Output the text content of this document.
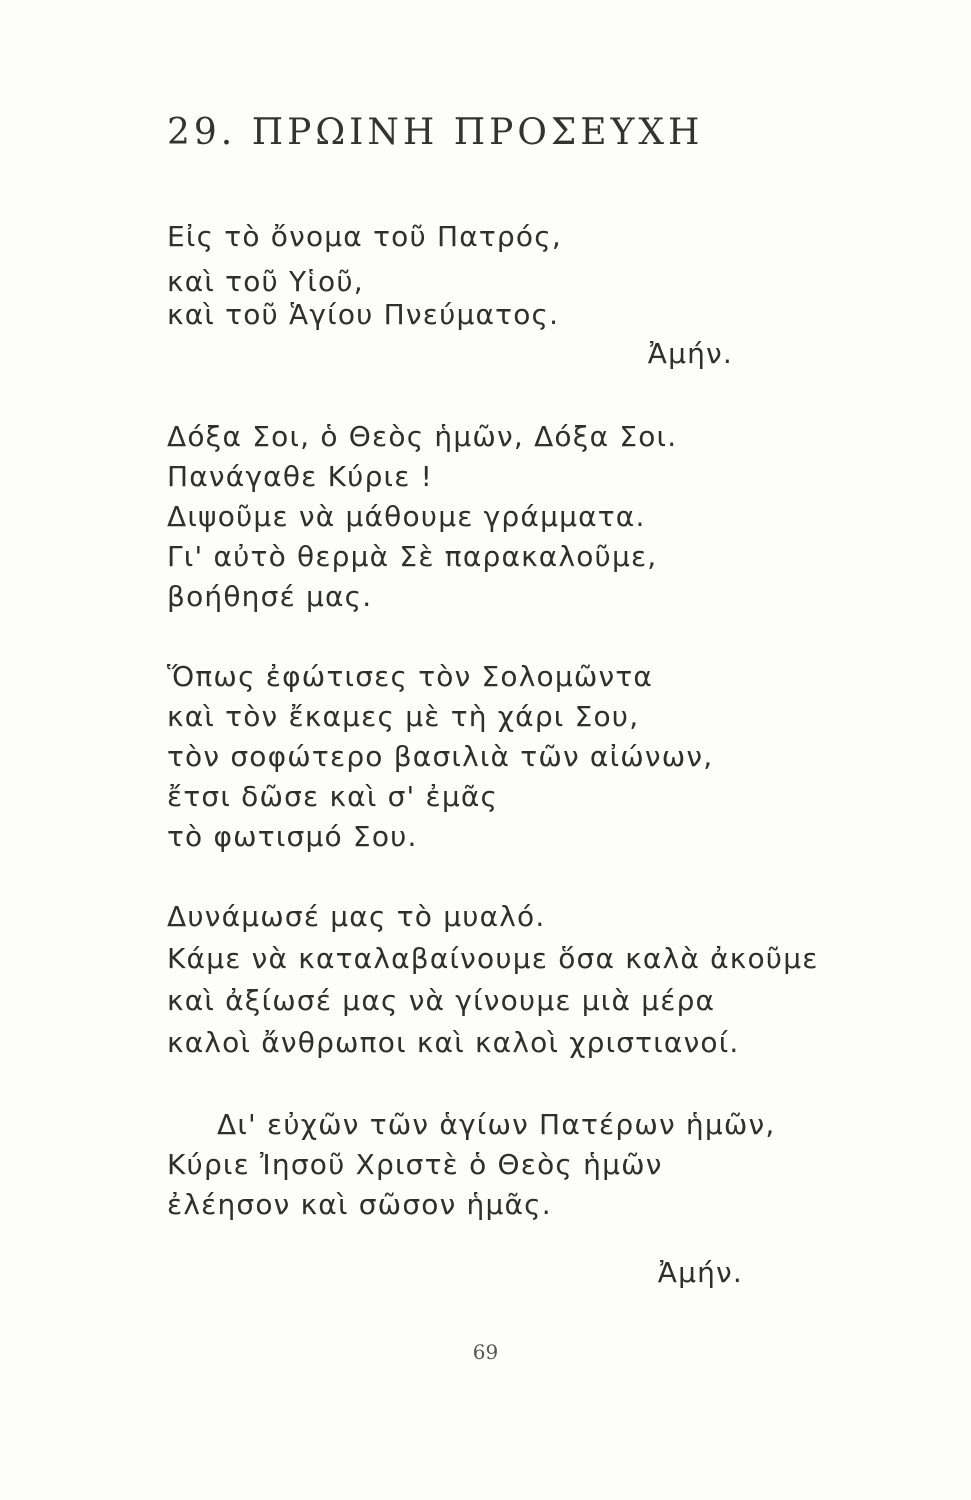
29. ΠΡΩΙΝΗ ΠΡΟΣΕΥΧΗ
Εἰς τὸ ὄνομα τοῦ Πατρός,
καὶ τοῦ Υἱοῦ,
καὶ τοῦ Ἁγίου Πνεύματος.
Ἀμήν.
Δόξα Σοι, ὁ Θεὸς ἡμῶν, Δόξα Σοι.
Πανάγαθε Κύριε !
Διψοῦμε νὰ μάθουμε γράμματα.
Γι' αὐτὸ θερμὰ Σὲ παρακαλοῦμε,
βοήθησέ μας.
Ὅπως ἐφώτισες τὸν Σολομῶντα
καὶ τὸν ἔκαμες μὲ τὴ χάρι Σου,
τὸν σοφώτερο βασιλιὰ τῶν αἰώνων,
ἔτσι δῶσε καὶ σ' ἐμᾶς
τὸ φωτισμό Σου.
Δυνάμωσέ μας τὸ μυαλό.
Κάμε νὰ καταλαβαίνουμε ὅσα καλὰ ἀκοῦμε
καὶ ἀξίωσέ μας νὰ γίνουμε μιὰ μέρα
καλοὶ ἄνθρωποι καὶ καλοὶ χριστιανοί.
Δι' εὐχῶν τῶν ἁγίων Πατέρων ἡμῶν,
Κύριε Ἰησοῦ Χριστὲ ὁ Θεὸς ἡμῶν
ἐλέησον καὶ σῶσον ἡμᾶς.
Ἀμήν.
69
